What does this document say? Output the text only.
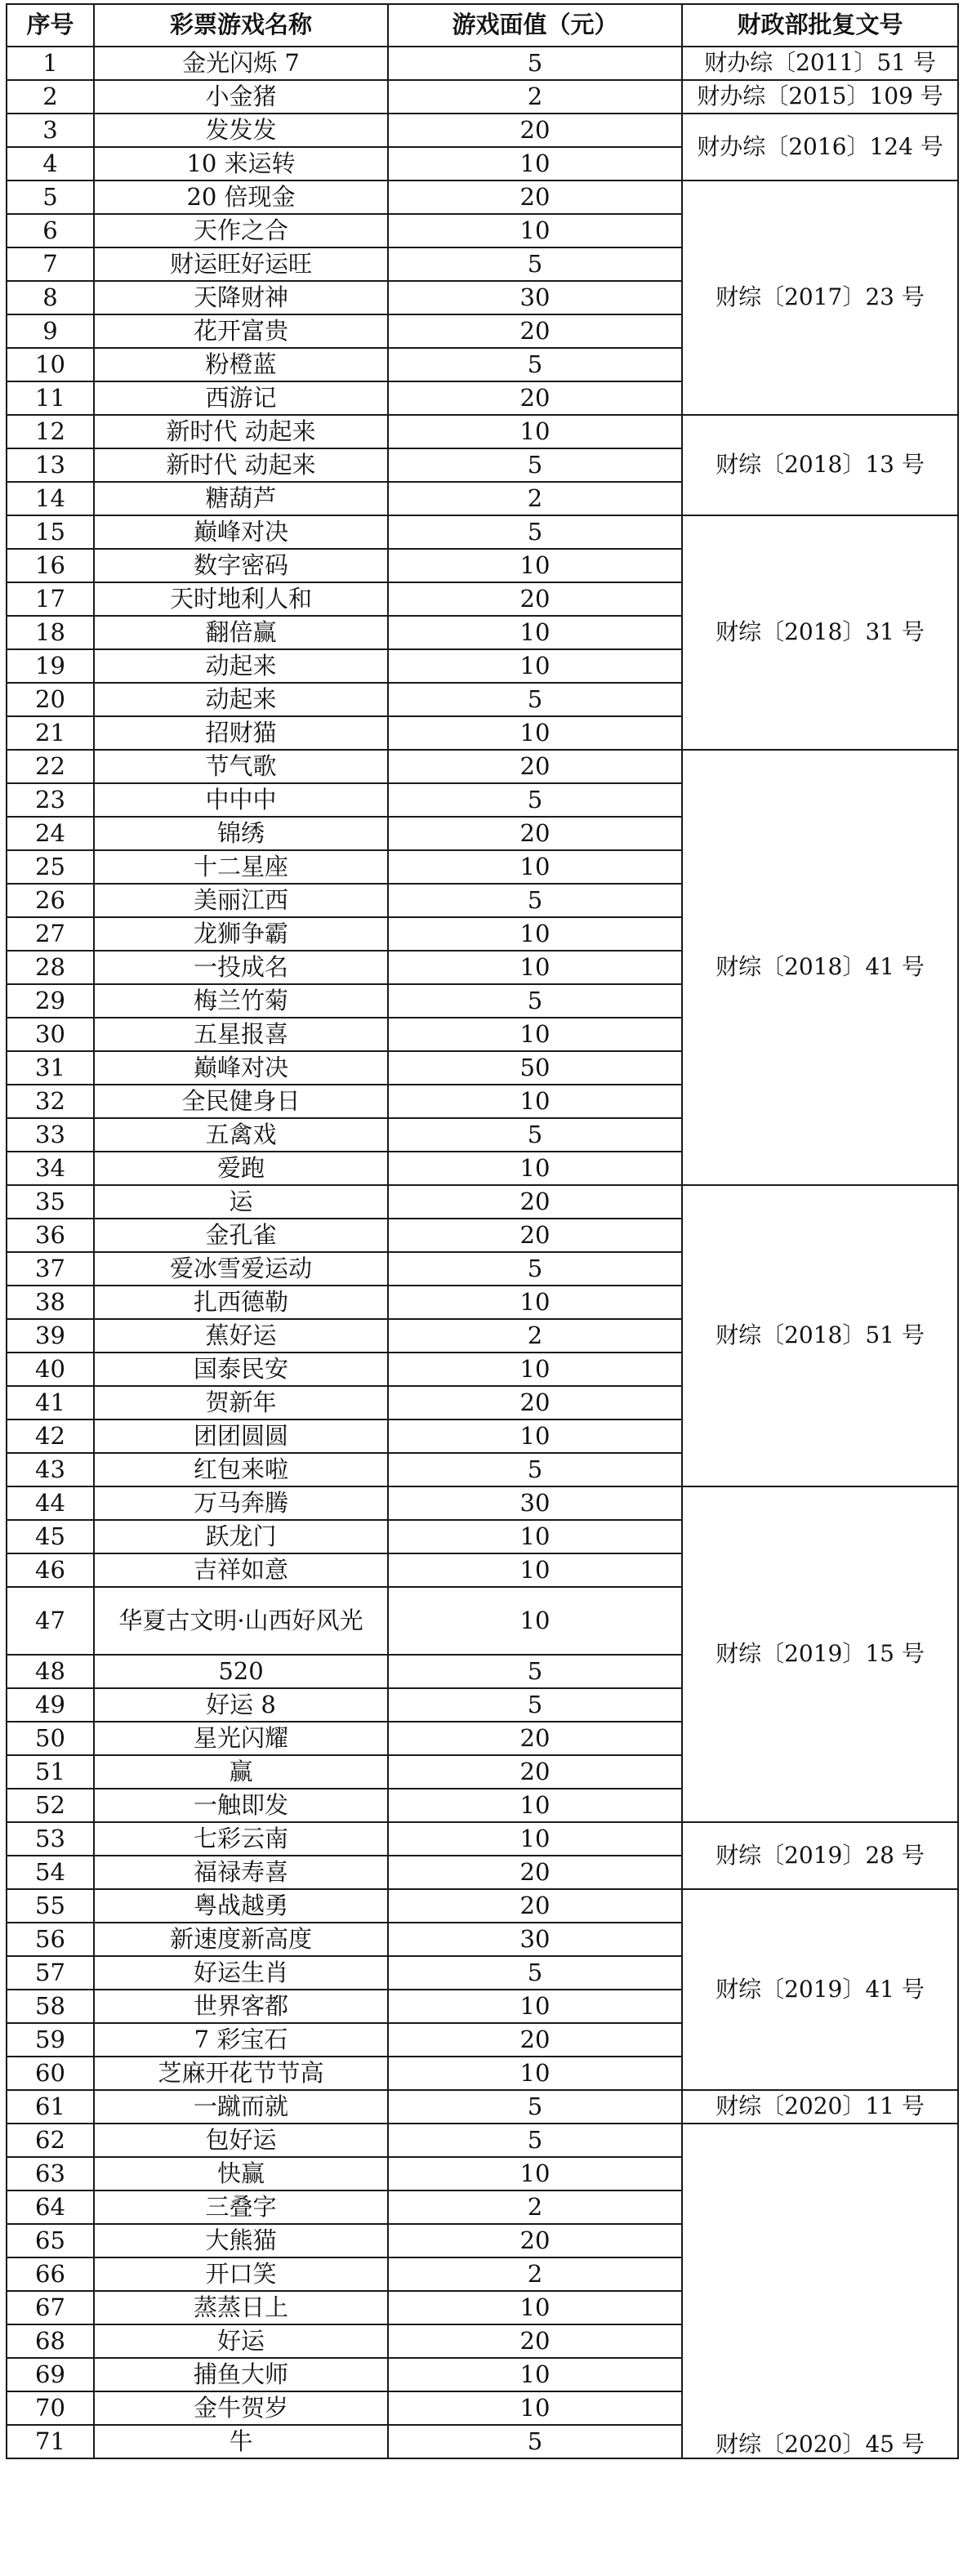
序号	彩票游戏名称	游戏面值（元）	财政部批复文号
1	金光闪烁 7	5	财办综〔2011〕51 号
2	小金猪	2	财办综〔2015〕109 号
3	发发发	20	财办综〔2016〕124 号
4	10 来运转	10	
5	20 倍现金	20	财综〔2017〕23 号
6	天作之合	10	
7	财运旺好运旺	5	
8	天降财神	30	
9	花开富贵	20	
10	粉橙蓝	5	
11	西游记	20	
12	新时代 动起来	10	财综〔2018〕13 号
13	新时代 动起来	5	
14	糖葫芦	2	
15	巅峰对决	5	财综〔2018〕31 号
16	数字密码	10	
17	天时地利人和	20	
18	翻倍赢	10	
19	动起来	10	
20	动起来	5	
21	招财猫	10	
22	节气歌	20	财综〔2018〕41 号
23	中中中	5	
24	锦绣	20	
25	十二星座	10	
26	美丽江西	5	
27	龙狮争霸	10	
28	一投成名	10	
29	梅兰竹菊	5	
30	五星报喜	10	
31	巅峰对决	50	
32	全民健身日	10	
33	五禽戏	5	
34	爱跑	10	
35	运	20	财综〔2018〕51 号
36	金孔雀	20	
37	爱冰雪爱运动	5	
38	扎西德勒	10	
39	蕉好运	2	
40	国泰民安	10	
41	贺新年	20	
42	团团圆圆	10	
43	红包来啦	5	
44	万马奔腾	30	财综〔2019〕15 号
45	跃龙门	10	
46	吉祥如意	10	
47	华夏古文明·山西好风光	10	
48	520	5	
49	好运 8	5	
50	星光闪耀	20	
51	赢	20	
52	一触即发	10	
53	七彩云南	10	财综〔2019〕28 号
54	福禄寿喜	20	
55	粤战越勇	20	财综〔2019〕41 号
56	新速度新高度	30	
57	好运生肖	5	
58	世界客都	10	
59	7 彩宝石	20	
60	芝麻开花节节高	10	
61	一蹴而就	5	财综〔2020〕11 号
62	包好运	5	财综〔2020〕45 号
63	快赢	10	
64	三叠字	2	
65	大熊猫	20	
66	开口笑	2	
67	蒸蒸日上	10	
68	好运	20	
69	捕鱼大师	10	
70	金牛贺岁	10	
71	牛	5	
